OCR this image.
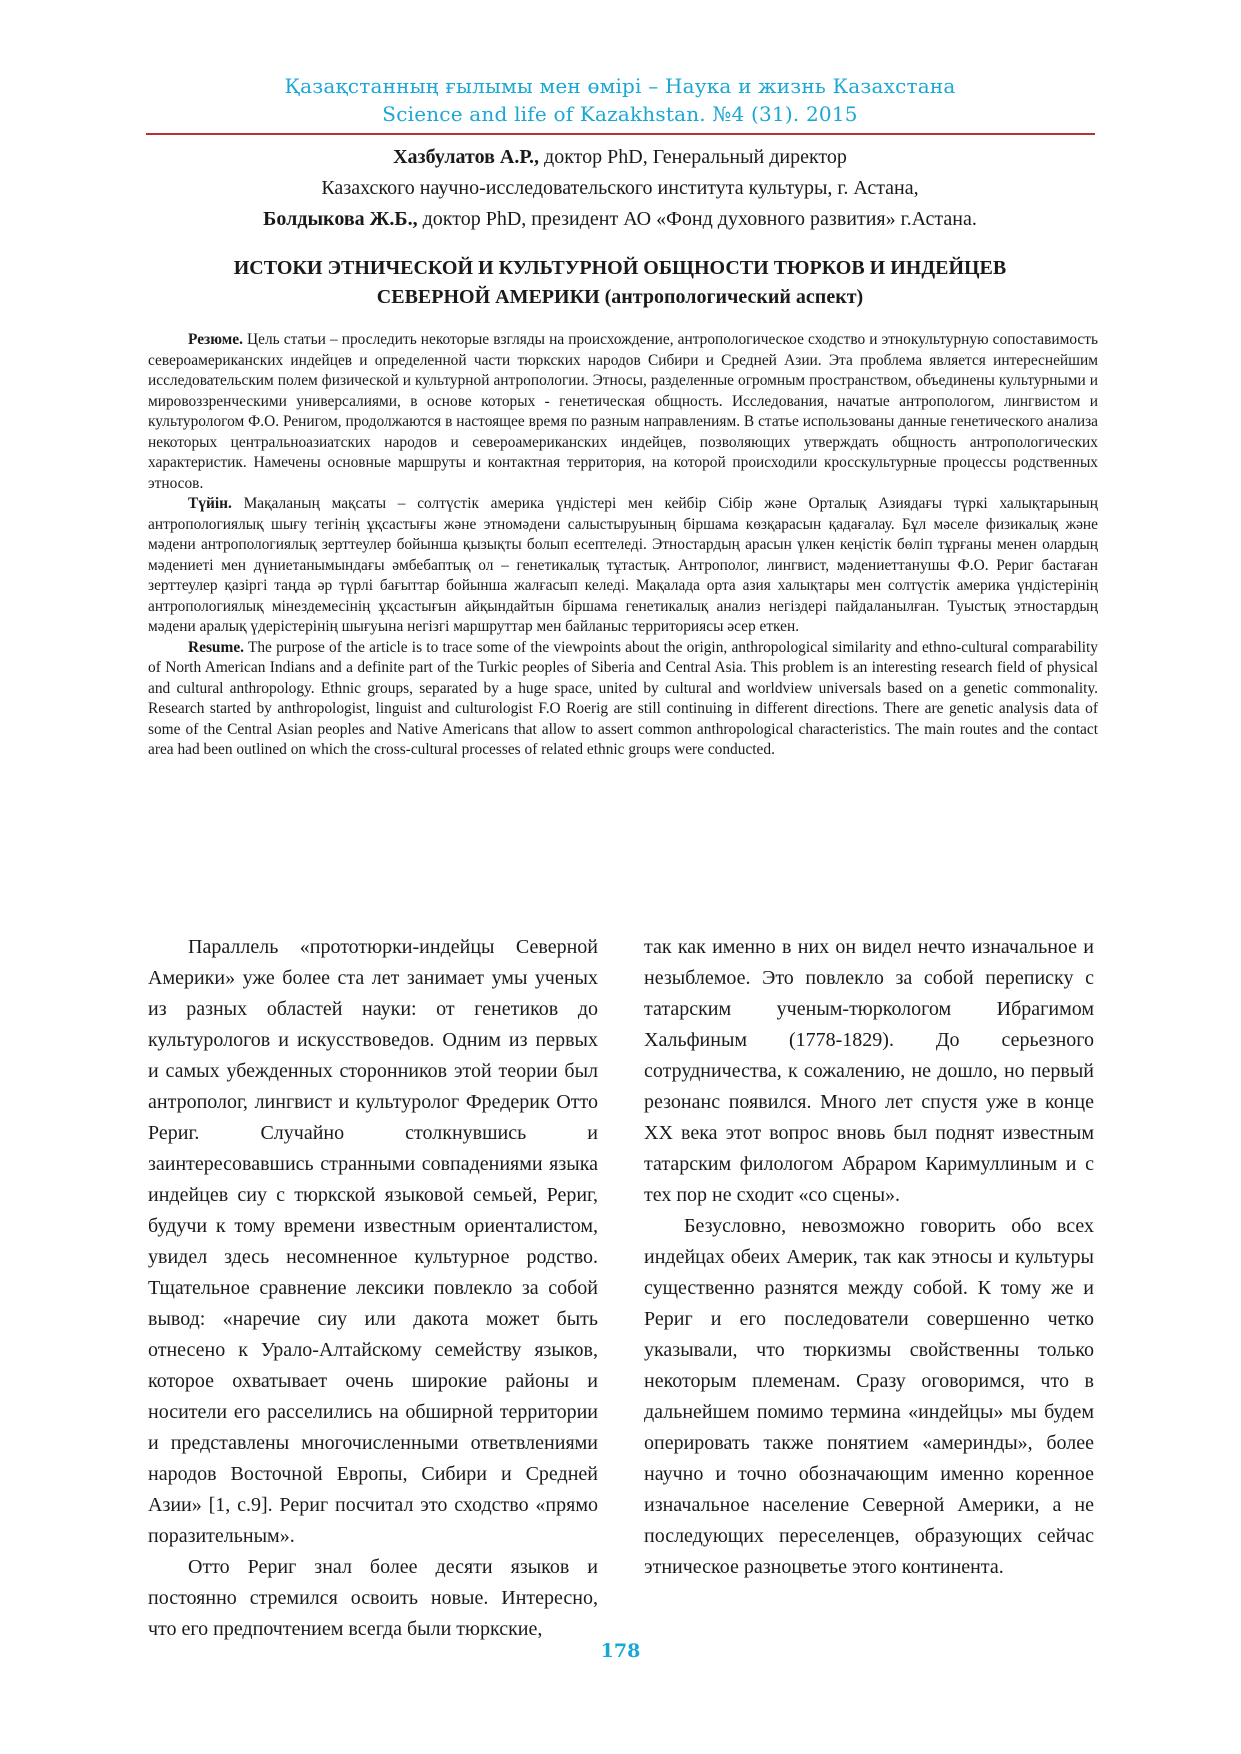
Қазақстанның ғылымы мен өмірі – Наука и жизнь Казахстана
Science and life of Kazakhstan. №4 (31). 2015
Хазбулатов А.Р., доктор PhD, Генеральный директор
Казахского научно-исследовательского института культуры, г. Астана,
Болдыкова Ж.Б., доктор PhD, президент АО «Фонд духовного развития» г.Астана.
ИСТОКИ ЭТНИЧЕСКОЙ И КУЛЬТУРНОЙ ОБЩНОСТИ ТЮРКОВ И ИНДЕЙЦЕВ
СЕВЕРНОЙ АМЕРИКИ (антропологический аспект)

Резюме. Цель статьи – проследить некоторые взгляды на происхождение, антропологическое сходство и этнокультурную сопоставимость североамериканских индейцев и определенной части тюркских народов Сибири и Средней Азии. Эта проблема является интереснейшим исследовательским полем физической и культурной антропологии. Этносы, разделенные огромным пространством, объединены культурными и мировоззренческими универсалиями, в основе которых - генетическая общность. Исследования, начатые антропологом, лингвистом и культурологом Ф.О. Ренигом, продолжаются в настоящее время по разным направлениям. В статье использованы данные генетического анализа некоторых центральноазиатских народов и североамериканских индейцев, позволяющих утверждать общность антропологических характеристик. Намечены основные маршруты и контактная территория, на которой происходили кросскультурные процессы родственных этносов.

Түйін. Мақаланың мақсаты – солтүстік америка үндістері мен кейбір Сібір және Орталық Азиядағы түркі халықтарының антропологиялық шығу тегінің ұқсастығы және этномәдени салыстыруының біршама көзқарасын қадағалау. Бұл мәселе физикалық және мәдени антропологиялық зерттеулер бойынша қызықты болып есептеледі. Этностардың арасын үлкен кеңістік бөліп тұрғаны менен олардың мәдениеті мен дүниетанымындағы әмбебаптық ол – генетикалық тұтастық. Антрополог, лингвист, мәдениеттанушы Ф.О. Рериг бастаған зерттеулер қазіргі таңда әр түрлі бағыттар бойынша жалғасып келеді. Мақалада орта азия халықтары мен солтүстік америка үндістерінің антропологиялық мінездемесінің ұқсастығын айқындайтын біршама генетикалық анализ негіздері пайдаланылған. Туыстық этностардың мәдени аралық үдерістерінің шығуына негізгі маршруттар мен байланыс территориясы әсер еткен.

Resume. The purpose of the article is to trace some of the viewpoints about the origin, anthropological similarity and ethno-cultural comparability of North American Indians and a definite part of the Turkic peoples of Siberia and Central Asia. This problem is an interesting research field of physical and cultural anthropology. Ethnic groups, separated by a huge space, united by cultural and worldview universals based on a genetic commonality. Research started by anthropologist, linguist and culturologist F.O Roerig are still continuing in different directions. There are genetic analysis data of some of the Central Asian peoples and Native Americans that allow to assert common anthropological characteristics. The main routes and the contact area had been outlined on which the cross-cultural processes of related ethnic groups were conducted.

Параллель «прототюрки-индейцы Северной Америки» уже более ста лет занимает умы ученых из разных областей науки: от генетиков до культурологов и искусствоведов. Одним из первых и самых убежденных сторонников этой теории был антрополог, лингвист и культуролог Фредерик Отто Рериг. Случайно столкнувшись и заинтересовавшись странными совпадениями языка индейцев сиу с тюркской языковой семьей, Рериг, будучи к тому времени известным ориенталистом, увидел здесь несомненное культурное родство. Тщательное сравнение лексики повлекло за собой вывод: «наречие сиу или дакота может быть отнесено к Урало-Алтайскому семейству языков, которое охватывает очень широкие районы и носители его расселились на обширной территории и представлены многочисленными ответвлениями народов Восточной Европы, Сибири и Средней Азии» [1, с.9]. Рериг посчитал это сходство «прямо поразительным».

Отто Рериг знал более десяти языков и постоянно стремился освоить новые. Интересно, что его предпочтением всегда были тюркские,

так как именно в них он видел нечто изначальное и незыблемое. Это повлекло за собой переписку с татарским ученым-тюркологом Ибрагимом Хальфиным (1778-1829). До серьезного сотрудничества, к сожалению, не дошло, но первый резонанс появился. Много лет спустя уже в конце XX века этот вопрос вновь был поднят известным татарским филологом Абраром Каримуллиным и с тех пор не сходит «со сцены».

Безусловно, невозможно говорить обо всех индейцах обеих Америк, так как этносы и культуры существенно разнятся между собой. К тому же и Рериг и его последователи совершенно четко указывали, что тюркизмы свойственны только некоторым племенам. Сразу оговоримся, что в дальнейшем помимо термина «индейцы» мы будем оперировать также понятием «америнды», более научно и точно обозначающим именно коренное изначальное население Северной Америки, а не последующих переселенцев, образующих сейчас этническое разноцветье этого континента.

178
